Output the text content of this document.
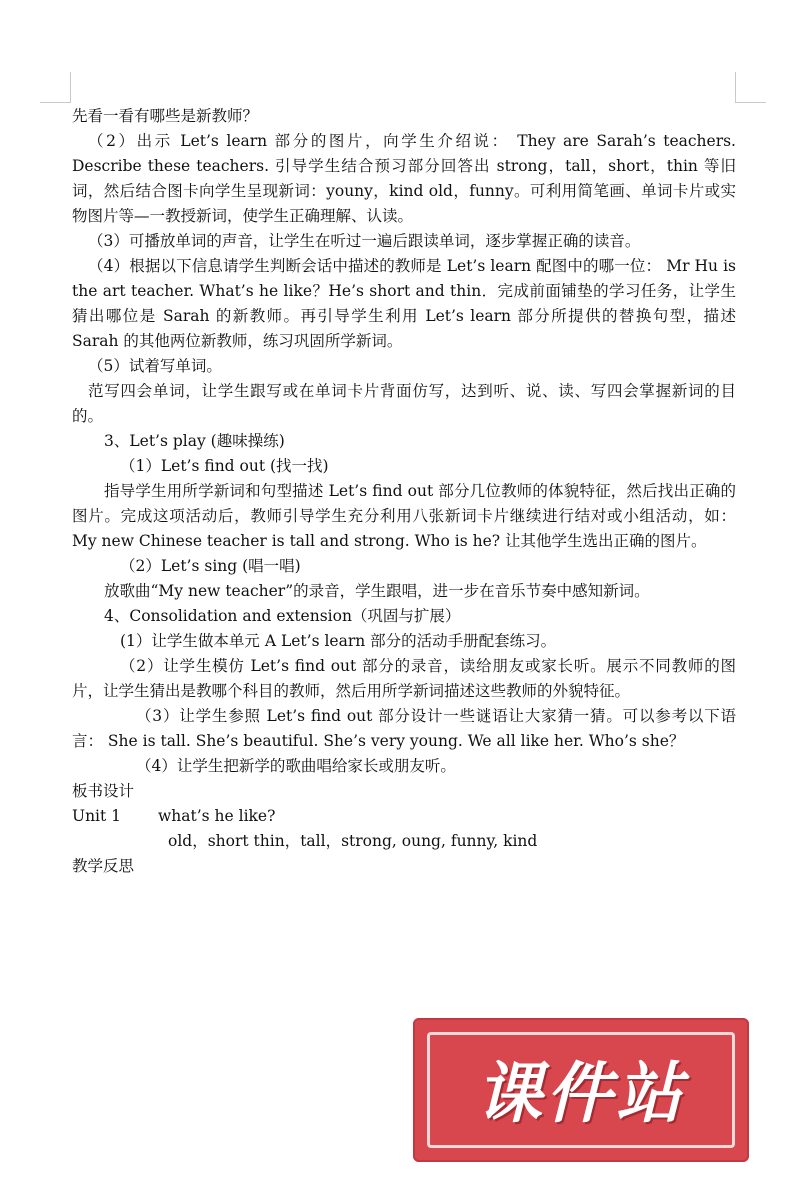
先看一看有哪些是新教师？

（2）出示 Let’s learn 部分的图片，向学生介绍说： They are Sarah’s teachers. Describe these teachers. 引导学生结合预习部分回答出 strong，tall，short，thin 等旧词，然后结合图卡向学生呈现新词：youny，kind old，funny。可利用简笔画、单词卡片或实物图片等—一教授新词，使学生正确理解、认读。

（3）可播放单词的声音，让学生在听过一遍后跟读单词，逐步掌握正确的读音。

（4）根据以下信息请学生判断会话中描述的教师是 Let’s learn 配图中的哪一位： Mr Hu is the art teacher. What’s he like？He’s short and thin．完成前面铺垫的学习任务，让学生猜出哪位是 Sarah 的新教师。再引导学生利用 Let’s learn 部分所提供的替换句型，描述 Sarah 的其他两位新教师，练习巩固所学新词。

（5）试着写单词。

范写四会单词，让学生跟写或在单词卡片背面仿写，达到听、说、读、写四会掌握新词的目的。

3、Let’s play (趣味操练)

（1）Let’s find out (找一找)

指导学生用所学新词和句型描述 Let’s find out 部分几位教师的体貌特征，然后找出正确的图片。完成这项活动后，教师引导学生充分利用八张新词卡片继续进行结对或小组活动，如： My new Chinese teacher is tall and strong. Who is he? 让其他学生选出正确的图片。

（2）Let’s sing (唱一唱)

放歌曲“My new teacher”的录音，学生跟唱，进一步在音乐节奏中感知新词。

4、Consolidation and extension（巩固与扩展）

(1）让学生做本单元 A Let’s learn 部分的活动手册配套练习。

（2）让学生模仿 Let’s find out 部分的录音，读给朋友或家长听。展示不同教师的图片，让学生猜出是教哪个科目的教师，然后用所学新词描述这些教师的外貌特征。

（3）让学生参照 Let’s find out 部分设计一些谜语让大家猜一猜。可以参考以下语言： She is tall. She’s beautiful. She’s very young. We all like her. Who’s she？

（4）让学生把新学的歌曲唱给家长或朋友听。

板书设计

Unit 1	what’s he like?
old，short thin，tall，strong, oung, funny, kind

教学反思

课件站
